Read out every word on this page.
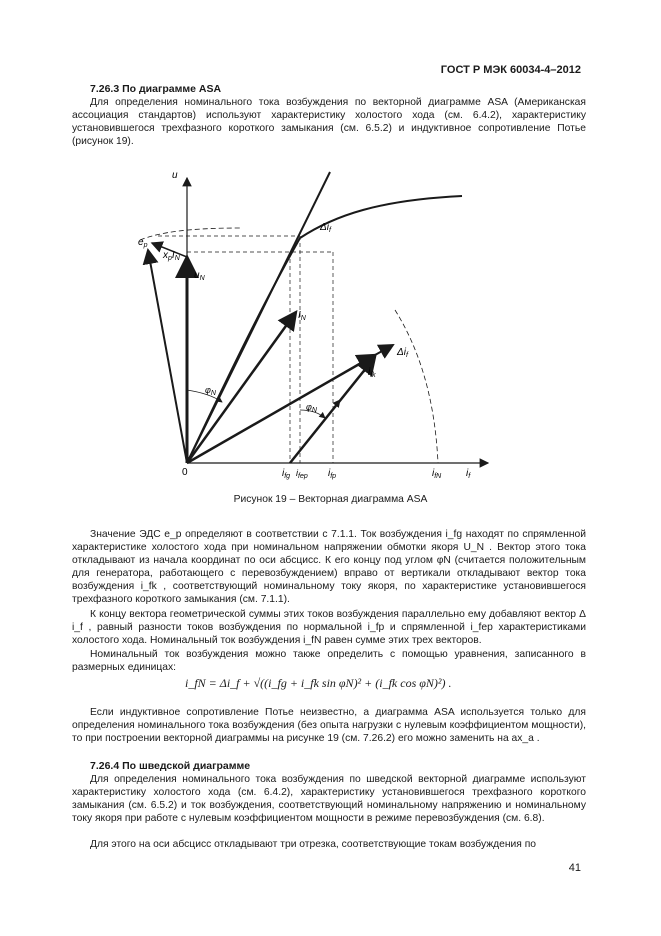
ГОСТ Р МЭК 60034-4–2012
7.26.3 По диаграмме ASA

Для определения номинального тока возбуждения по векторной диаграмме ASA (Американская ассоциация стандартов) используют характеристику холостого хода (см. 6.4.2), характеристику установившегося трехфазного короткого замыкания (см. 6.5.2) и индуктивное сопротивление Потье (рисунок 19).

u
0
$e_p$
$x_pI_N$
$u_N$
$I_N$
$\varphi_N$
$\varphi_N$
$\Delta i_f$
$\Delta i_f$
$i_{fk}$
$i_{fg}$ $i_{fep}$ $i_{fp}$	$i_{fN}$ $i_f$
Рисунок 19 – Векторная диаграмма ASA

Значение ЭДС e_p определяют в соответствии с 7.1.1. Ток возбуждения i_fg находят по спрямленной характеристике холостого хода при номинальном напряжении обмотки якоря U_N . Вектор этого тока откладывают из начала координат по оси абсцисс. К его концу под углом φN (считается положительным для генератора, работающего с перевозбуждением) вправо от вертикали откладывают вектор тока возбуждения i_fk , соответствующий номинальному току якоря, по характеристике установившегося трехфазного короткого замыкания (см. 7.1.1).

К концу вектора геометрической суммы этих токов возбуждения параллельно ему добавляют вектор Δ i_f , равный разности токов возбуждения по нормальной i_fp и спрямленной i_fep характеристиками холостого хода. Номинальный ток возбуждения i_fN равен сумме этих трех векторов.

Номинальный ток возбуждения можно также определить с помощью уравнения, записанного в размерных единицах:

i_fN = Δi_f + √((i_fg + i_fk sin φN)² + (i_fk cos φN)²) .

Если индуктивное сопротивление Потье неизвестно, а диаграмма ASA используется только для определения номинального тока возбуждения (без опыта нагрузки с нулевым коэффициентом мощности), то при построении векторной диаграммы на рисунке 19 (см. 7.26.2) его можно заменить на ax_a .

7.26.4 По шведской диаграмме

Для определения номинального тока возбуждения по шведской векторной диаграмме используют характеристику холостого хода (см. 6.4.2), характеристику установившегося трехфазного короткого замыкания (см. 6.5.2) и ток возбуждения, соответствующий номинальному напряжению и номинальному току якоря при работе с нулевым коэффициентом мощности в режиме перевозбуждения (см. 6.8).

Для этого на оси абсцисс откладывают три отрезка, соответствующие токам возбуждения по

41
